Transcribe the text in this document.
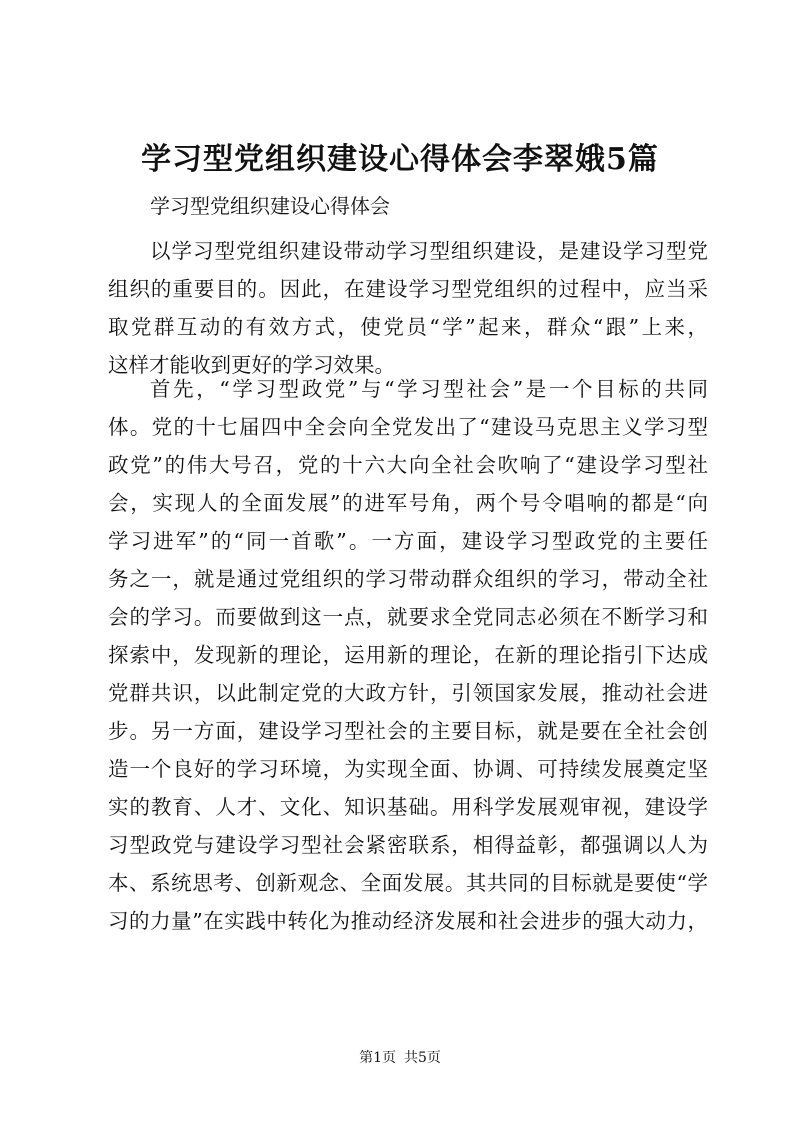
学习型党组织建设心得体会李翠娥5篇

学习型党组织建设心得体会

以学习型党组织建设带动学习型组织建设，是建设学习型党
组织的重要目的。因此，在建设学习型党组织的过程中，应当采
取党群互动的有效方式，使党员“学”起来，群众“跟”上来，
这样才能收到更好的学习效果。
首先，“学习型政党”与“学习型社会”是一个目标的共同
体。党的十七届四中全会向全党发出了“建设马克思主义学习型
政党”的伟大号召，党的十六大向全社会吹响了“建设学习型社
会，实现人的全面发展”的进军号角，两个号令唱响的都是“向
学习进军”的“同一首歌”。一方面，建设学习型政党的主要任
务之一，就是通过党组织的学习带动群众组织的学习，带动全社
会的学习。而要做到这一点，就要求全党同志必须在不断学习和
探索中，发现新的理论，运用新的理论，在新的理论指引下达成
党群共识，以此制定党的大政方针，引领国家发展，推动社会进
步。另一方面，建设学习型社会的主要目标，就是要在全社会创
造一个良好的学习环境，为实现全面、协调、可持续发展奠定坚
实的教育、人才、文化、知识基础。用科学发展观审视，建设学
习型政党与建设学习型社会紧密联系，相得益彰，都强调以人为
本、系统思考、创新观念、全面发展。其共同的目标就是要使“学
习的力量”在实践中转化为推动经济发展和社会进步的强大动力，
第1页 共5页
